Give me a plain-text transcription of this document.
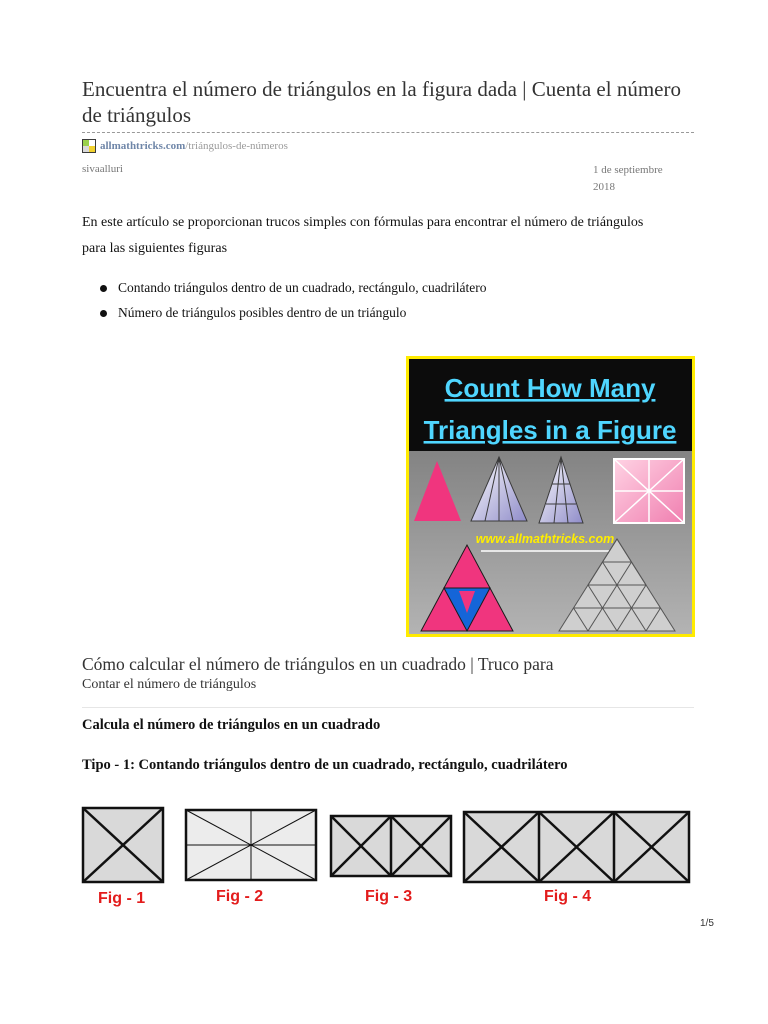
Encuentra el número de triángulos en la figura dada | Cuenta el número de triángulos
allmathtricks.com /triángulos-de-números
sivaalluri	1 de septiembre
2018

En este artículo se proporcionan trucos simples con fórmulas para encontrar el número de triángulos para las siguientes figuras

Contando triángulos dentro de un cuadrado, rectángulo, cuadrilátero
Número de triángulos posibles dentro de un triángulo
Count How Many
Triangles in a Figure
www.allmathtricks.com
Cómo calcular el número de triángulos en un cuadrado | Truco para
Contar el número de triángulos

Calcula el número de triángulos en un cuadrado

Tipo - 1: Contando triángulos dentro de un cuadrado, rectángulo, cuadrilátero

Fig - 1	Fig - 2	Fig - 3	Fig - 4
1/5
